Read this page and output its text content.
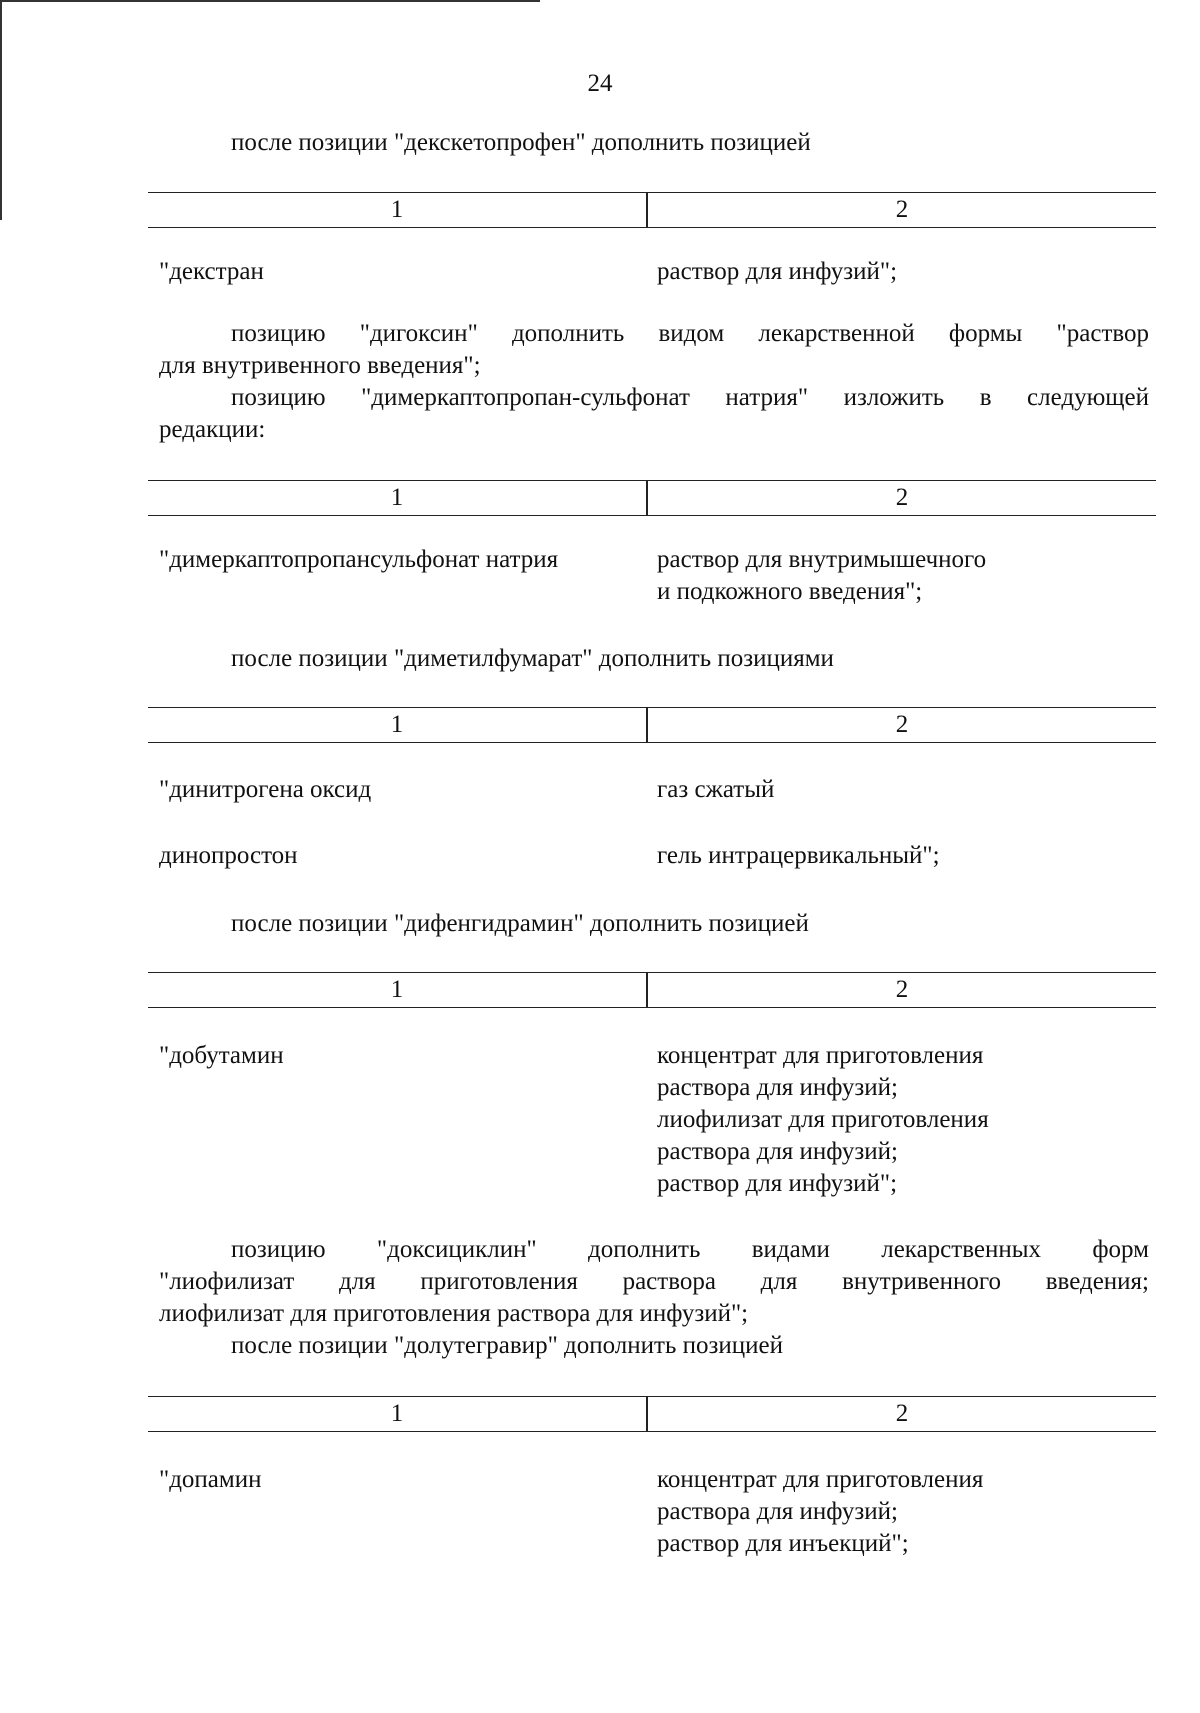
24
после позиции "декскетопрофен" дополнить позицией
1	2
"декстран	раствор для инфузий";
позицию "дигоксин" дополнить видом лекарственной формы "раствор
для внутривенного введения";
позицию "димеркаптопропан-сульфонат натрия" изложить в следующей
редакции:
1	2
"димеркаптопропансульфонат натрия	раствор для внутримышечного
и подкожного введения";
после позиции "диметилфумарат" дополнить позициями
1	2
"динитрогена оксид	газ сжатый
динопростон	гель интрацервикальный";
после позиции "дифенгидрамин" дополнить позицией
1	2
"добутамин	концентрат для приготовления
раствора для инфузий;
лиофилизат для приготовления
раствора для инфузий;
раствор для инфузий";
позицию "доксициклин" дополнить видами лекарственных форм
"лиофилизат для приготовления раствора для внутривенного введения;
лиофилизат для приготовления раствора для инфузий";
после позиции "долутегравир" дополнить позицией
1	2
"допамин	концентрат для приготовления
раствора для инфузий;
раствор для инъекций";
